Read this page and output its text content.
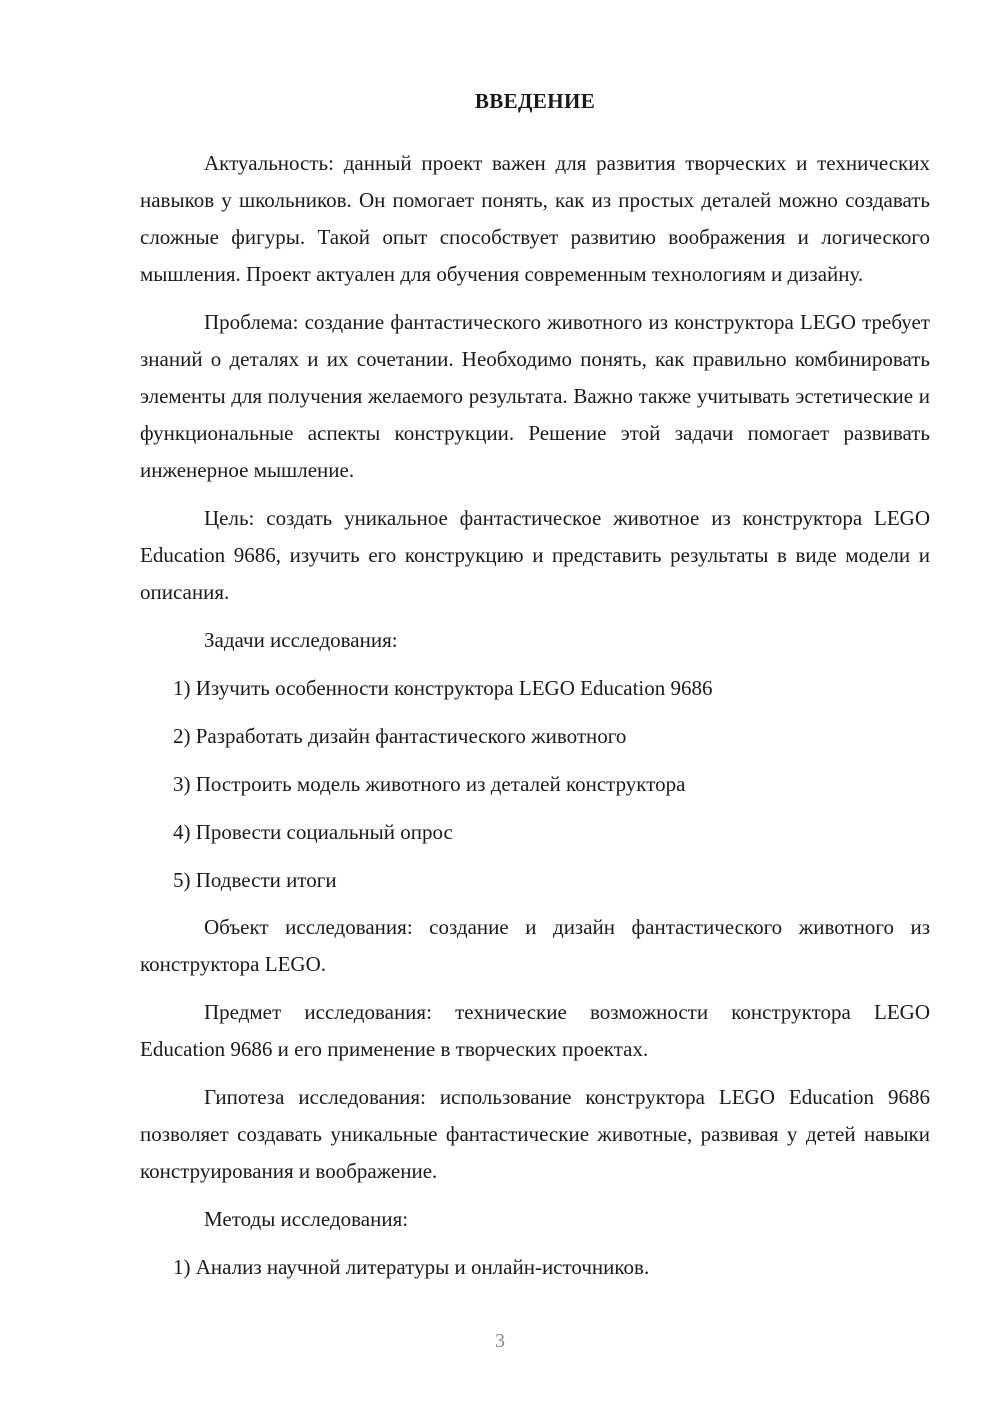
ВВЕДЕНИЕ

Актуальность: данный проект важен для развития творческих и технических навыков у школьников. Он помогает понять, как из простых деталей можно создавать сложные фигуры. Такой опыт способствует развитию воображения и логического мышления. Проект актуален для обучения современным технологиям и дизайну.

Проблема: создание фантастического животного из конструктора LEGO требует знаний о деталях и их сочетании. Необходимо понять, как правильно комбинировать элементы для получения желаемого результата. Важно также учитывать эстетические и функциональные аспекты конструкции. Решение этой задачи помогает развивать инженерное мышление.

Цель: создать уникальное фантастическое животное из конструктора LEGO Education 9686, изучить его конструкцию и представить результаты в виде модели и описания.

Задачи исследования:

1) Изучить особенности конструктора LEGO Education 9686
2) Разработать дизайн фантастического животного
3) Построить модель животного из деталей конструктора
4) Провести социальный опрос
5) Подвести итоги

Объект исследования: создание и дизайн фантастического животного из конструктора LEGO.

Предмет исследования: технические возможности конструктора LEGO Education 9686 и его применение в творческих проектах.

Гипотеза исследования: использование конструктора LEGO Education 9686 позволяет создавать уникальные фантастические животные, развивая у детей навыки конструирования и воображение.

Методы исследования:

1) Анализ научной литературы и онлайн-источников.
3
